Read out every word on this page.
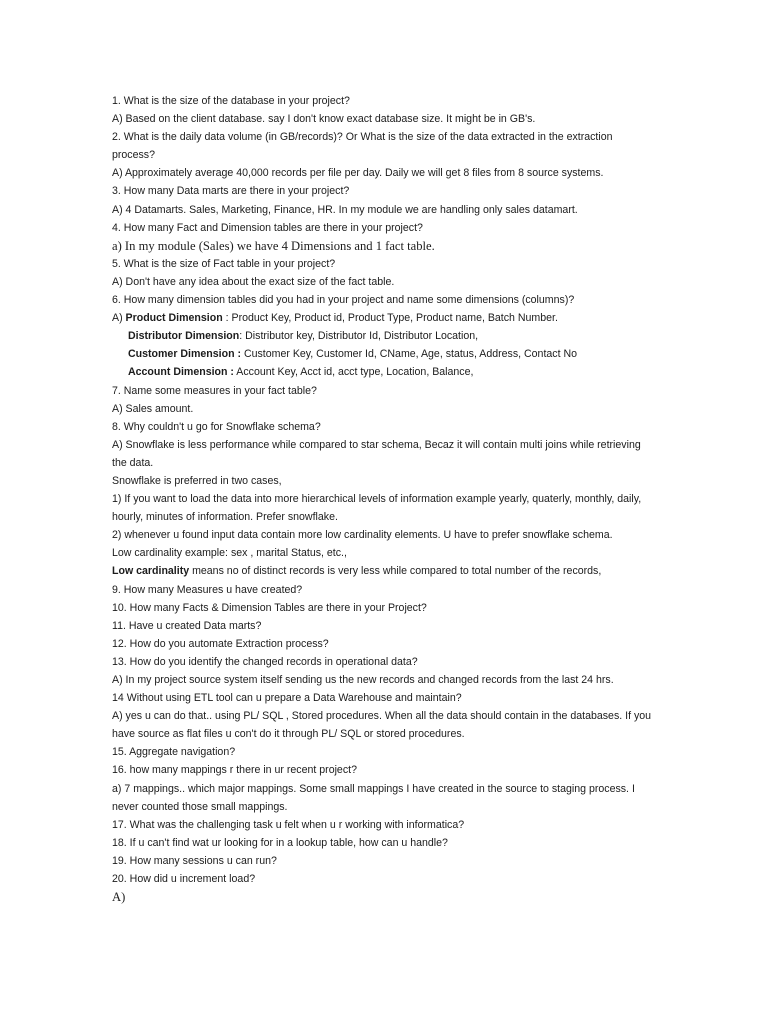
1. What is the size of the database in your project?
A) Based on the client database. say I don't know exact database size. It might be in GB's.
2. What is the daily data volume (in GB/records)? Or What is the size of the data extracted in the extraction process?
A) Approximately average 40,000 records per file per day. Daily we will get 8 files from 8 source systems.
3. How many Data marts are there in your project?
A) 4 Datamarts. Sales, Marketing, Finance, HR. In my module we are handling only sales datamart.
4. How many Fact and Dimension tables are there in your project?
a) In my module (Sales) we have 4 Dimensions and 1 fact table.
5. What is the size of Fact table in your project?
A) Don't have any idea about the exact size of the fact table.
6. How many dimension tables did you had in your project and name some dimensions (columns)?
A) Product Dimension : Product Key, Product id, Product Type, Product name, Batch Number.
Distributor Dimension: Distributor key, Distributor Id, Distributor Location,
Customer Dimension : Customer Key, Customer Id, CName, Age, status, Address, Contact No
Account Dimension : Account Key, Acct id, acct type, Location, Balance,
7. Name some measures in your fact table?
A) Sales amount.
8. Why couldn't u go for Snowflake schema?
A) Snowflake is less performance while compared to star schema, Becaz it will contain multi joins while retrieving the data.
Snowflake is preferred in two cases,
1) If you want to load the data into more hierarchical levels of information example yearly, quaterly, monthly, daily, hourly, minutes of information. Prefer snowflake.
2) whenever u found input data contain more low cardinality elements. U have to prefer snowflake schema.
Low cardinality example: sex , marital Status, etc.,
Low cardinality means no of distinct records is very less while compared to total number of the records,
9. How many Measures u have created?
10. How many Facts & Dimension Tables are there in your Project?
11. Have u created Data marts?
12. How do you automate Extraction process?
13. How do you identify the changed records in operational data?
A) In my project source system itself sending us the new records and changed records from the last 24 hrs.
14 Without using ETL tool can u prepare a Data Warehouse and maintain?
A) yes u can do that.. using PL/ SQL , Stored procedures. When all the data should contain in the databases. If you have source as flat files u con't do it through PL/ SQL or stored procedures.
15. Aggregate navigation?
16. how many mappings r there in ur recent project?
a) 7 mappings.. which major mappings. Some small mappings I have created in the source to staging process. I never counted those small mappings.
17. What was the challenging task u felt when u r working with informatica?
18. If u can't find wat ur looking for in a lookup table, how can u handle?
19. How many sessions u can run?
20. How did u increment load?
A)
